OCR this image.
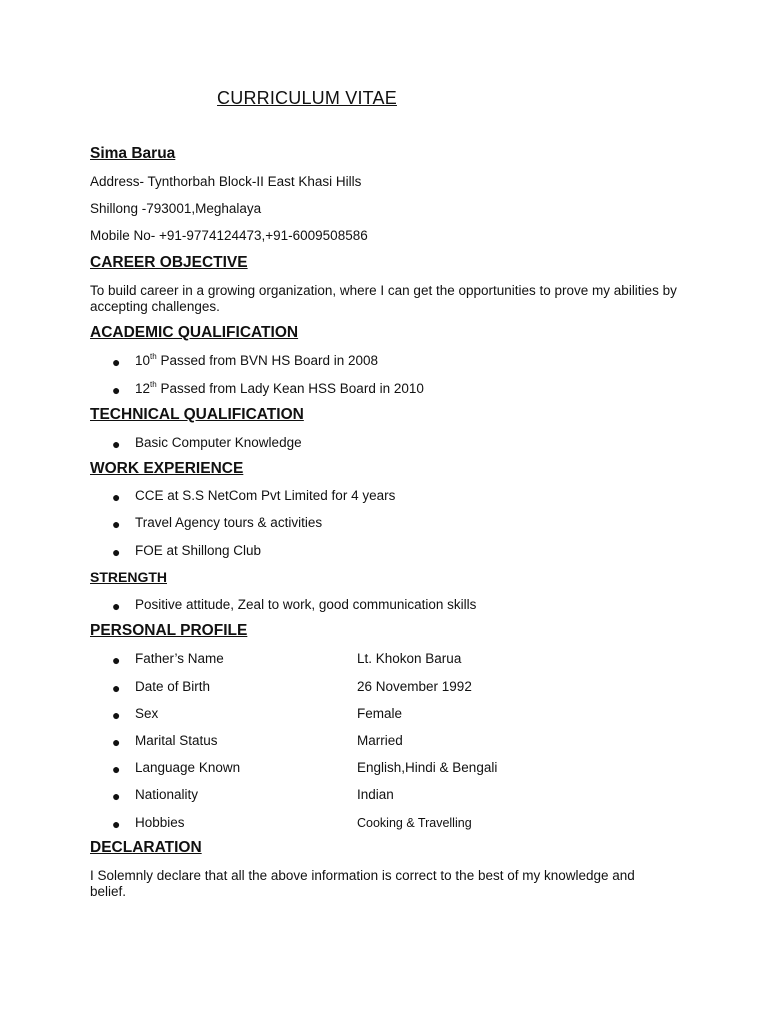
CURRICULUM VITAE
Sima Barua
Address- Tynthorbah Block-II East Khasi Hills
Shillong -793001,Meghalaya
Mobile No- +91-9774124473,+91-6009508586
CAREER OBJECTIVE
To build career in a growing organization, where I can get the opportunities to prove my abilities by accepting challenges.
ACADEMIC QUALIFICATION
● 10th Passed from BVN HS Board in 2008
● 12th Passed from Lady Kean HSS Board in 2010
TECHNICAL QUALIFICATION
● Basic Computer Knowledge
WORK EXPERIENCE
● CCE at S.S NetCom Pvt Limited for 4 years
● Travel Agency tours & activities
● FOE at Shillong Club
STRENGTH
● Positive attitude, Zeal to work, good communication skills
PERSONAL PROFILE
● Father’s Name	Lt. Khokon Barua
● Date of Birth	26 November 1992
● Sex	Female
● Marital Status	Married
● Language Known	English,Hindi & Bengali
● Nationality	Indian
● Hobbies	Cooking & Travelling
DECLARATION
I Solemnly declare that all the above information is correct to the best of my knowledge and belief.
